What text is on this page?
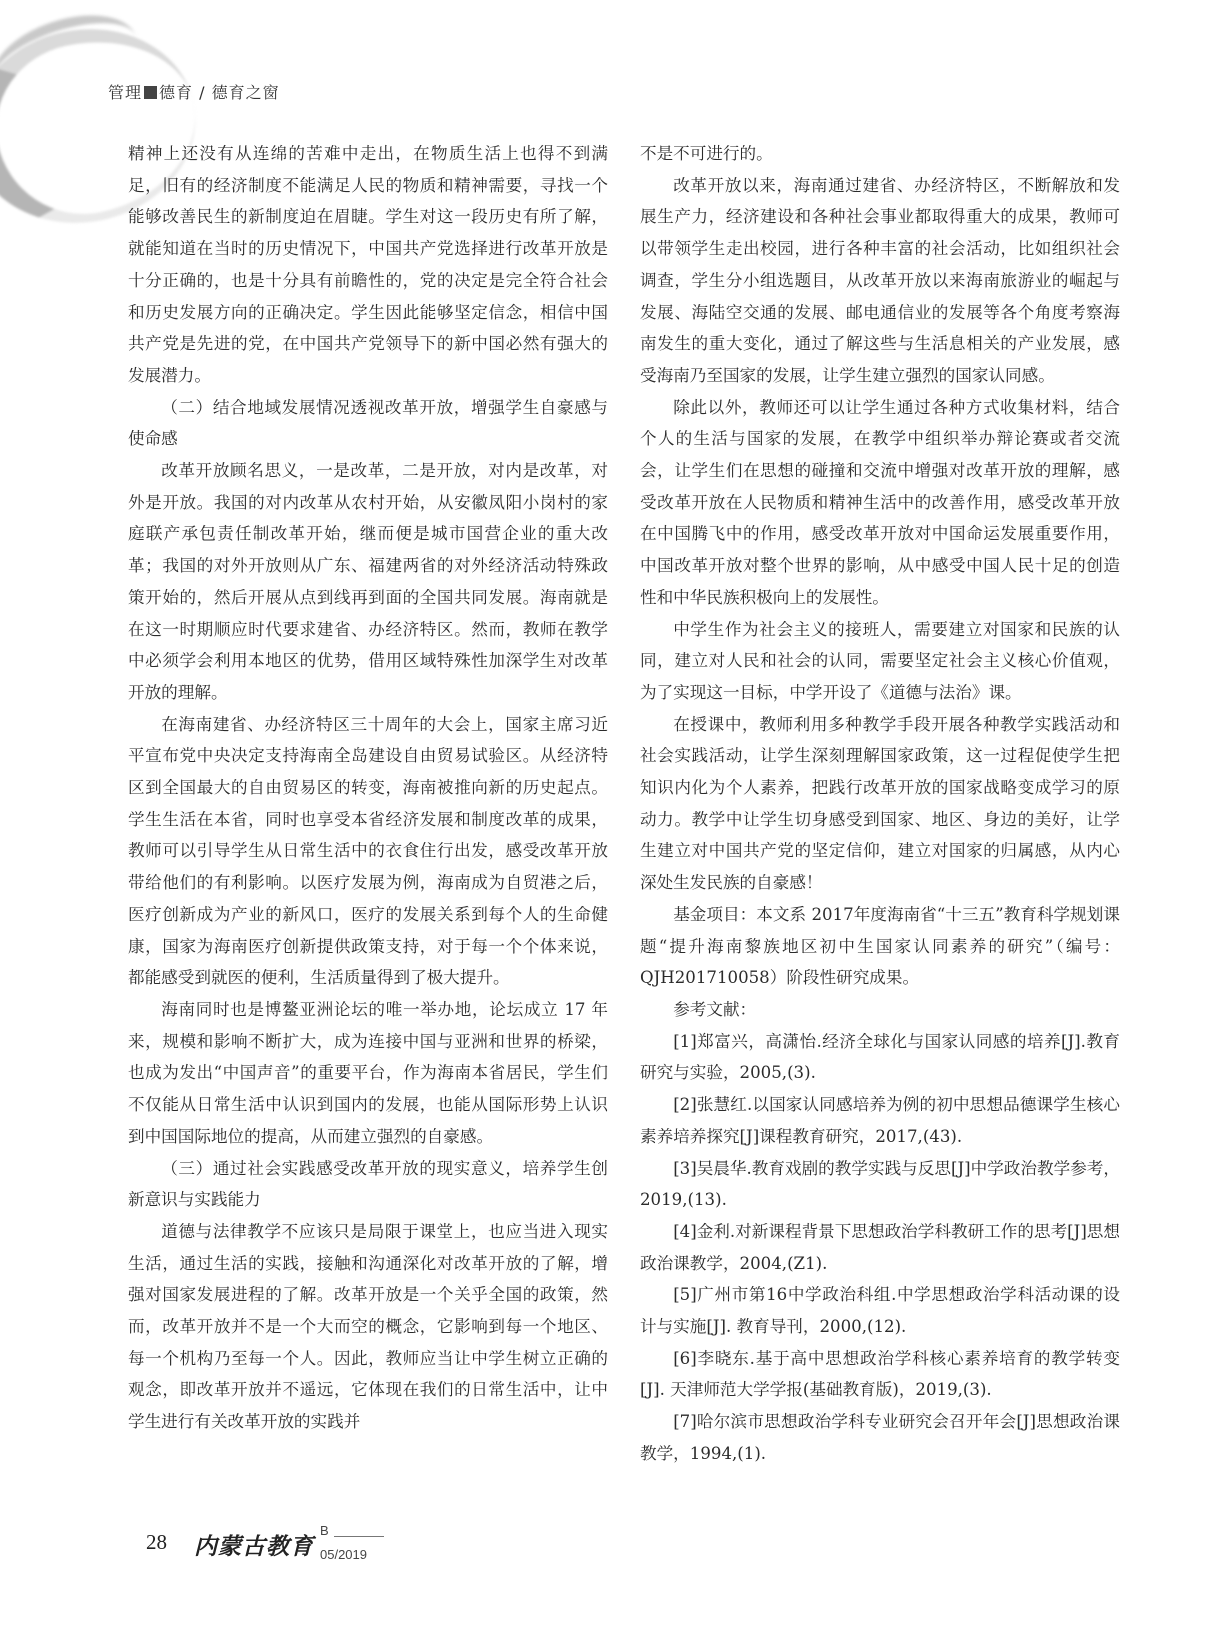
管理 德育 / 德育之窗

精神上还没有从连绵的苦难中走出，在物质生活上也得不到满足，旧有的经济制度不能满足人民的物质和精神需要，寻找一个能够改善民生的新制度迫在眉睫。学生对这一段历史有所了解，就能知道在当时的历史情况下，中国共产党选择进行改革开放是十分正确的，也是十分具有前瞻性的，党的决定是完全符合社会和历史发展方向的正确决定。学生因此能够坚定信念，相信中国共产党是先进的党，在中国共产党领导下的新中国必然有强大的发展潜力。

（二）结合地域发展情况透视改革开放，增强学生自豪感与使命感

改革开放顾名思义，一是改革，二是开放，对内是改革，对外是开放。我国的对内改革从农村开始，从安徽凤阳小岗村的家庭联产承包责任制改革开始，继而便是城市国营企业的重大改革；我国的对外开放则从广东、福建两省的对外经济活动特殊政策开始的，然后开展从点到线再到面的全国共同发展。海南就是在这一时期顺应时代要求建省、办经济特区。然而，教师在教学中必须学会利用本地区的优势，借用区域特殊性加深学生对改革开放的理解。

在海南建省、办经济特区三十周年的大会上，国家主席习近平宣布党中央决定支持海南全岛建设自由贸易试验区。从经济特区到全国最大的自由贸易区的转变，海南被推向新的历史起点。学生生活在本省，同时也享受本省经济发展和制度改革的成果，教师可以引导学生从日常生活中的衣食住行出发，感受改革开放带给他们的有利影响。以医疗发展为例，海南成为自贸港之后，医疗创新成为产业的新风口，医疗的发展关系到每个人的生命健康，国家为海南医疗创新提供政策支持，对于每一个个体来说，都能感受到就医的便利，生活质量得到了极大提升。

海南同时也是博鳌亚洲论坛的唯一举办地，论坛成立 17 年来，规模和影响不断扩大，成为连接中国与亚洲和世界的桥梁，也成为发出“中国声音”的重要平台，作为海南本省居民，学生们不仅能从日常生活中认识到国内的发展，也能从国际形势上认识到中国国际地位的提高，从而建立强烈的自豪感。

（三）通过社会实践感受改革开放的现实意义，培养学生创新意识与实践能力

道德与法律教学不应该只是局限于课堂上，也应当进入现实生活，通过生活的实践，接触和沟通深化对改革开放的了解，增强对国家发展进程的了解。改革开放是一个关乎全国的政策，然而，改革开放并不是一个大而空的概念，它影响到每一个地区、每一个机构乃至每一个人。因此，教师应当让中学生树立正确的观念，即改革开放并不遥远，它体现在我们的日常生活中，让中学生进行有关改革开放的实践并

不是不可进行的。

改革开放以来，海南通过建省、办经济特区，不断解放和发展生产力，经济建设和各种社会事业都取得重大的成果，教师可以带领学生走出校园，进行各种丰富的社会活动，比如组织社会调查，学生分小组选题目，从改革开放以来海南旅游业的崛起与发展、海陆空交通的发展、邮电通信业的发展等各个角度考察海南发生的重大变化，通过了解这些与生活息相关的产业发展，感受海南乃至国家的发展，让学生建立强烈的国家认同感。

除此以外，教师还可以让学生通过各种方式收集材料，结合个人的生活与国家的发展，在教学中组织举办辩论赛或者交流会，让学生们在思想的碰撞和交流中增强对改革开放的理解，感受改革开放在人民物质和精神生活中的改善作用，感受改革开放在中国腾飞中的作用，感受改革开放对中国命运发展重要作用，中国改革开放对整个世界的影响，从中感受中国人民十足的创造性和中华民族积极向上的发展性。

中学生作为社会主义的接班人，需要建立对国家和民族的认同，建立对人民和社会的认同，需要坚定社会主义核心价值观，为了实现这一目标，中学开设了《道德与法治》课。

在授课中，教师利用多种教学手段开展各种教学实践活动和社会实践活动，让学生深刻理解国家政策，这一过程促使学生把知识内化为个人素养，把践行改革开放的国家战略变成学习的原动力。教学中让学生切身感受到国家、地区、身边的美好，让学生建立对中国共产党的坚定信仰，建立对国家的归属感，从内心深处生发民族的自豪感！

基金项目：本文系 2017年度海南省“十三五”教育科学规划课题“提升海南黎族地区初中生国家认同素养的研究”（编号：QJH201710058）阶段性研究成果。

参考文献：

[1]郑富兴，高潇怡.经济全球化与国家认同感的培养[J].教育研究与实验，2005,(3).

[2]张慧红.以国家认同感培养为例的初中思想品德课学生核心素养培养探究[J]课程教育研究，2017,(43).

[3]吴晨华.教育戏剧的教学实践与反思[J]中学政治教学参考，2019,(13).

[4]金利.对新课程背景下思想政治学科教研工作的思考[J]思想政治课教学，2004,(Z1).

[5]广州市第16中学政治科组.中学思想政治学科活动课的设计与实施[J]. 教育导刊，2000,(12).

[6]李晓东.基于高中思想政治学科核心素养培育的教学转变[J]. 天津师范大学学报(基础教育版)，2019,(3).

[7]哈尔滨市思想政治学科专业研究会召开年会[J]思想政治课教学，1994,(1).

28 内蒙古教育
B
05/2019
